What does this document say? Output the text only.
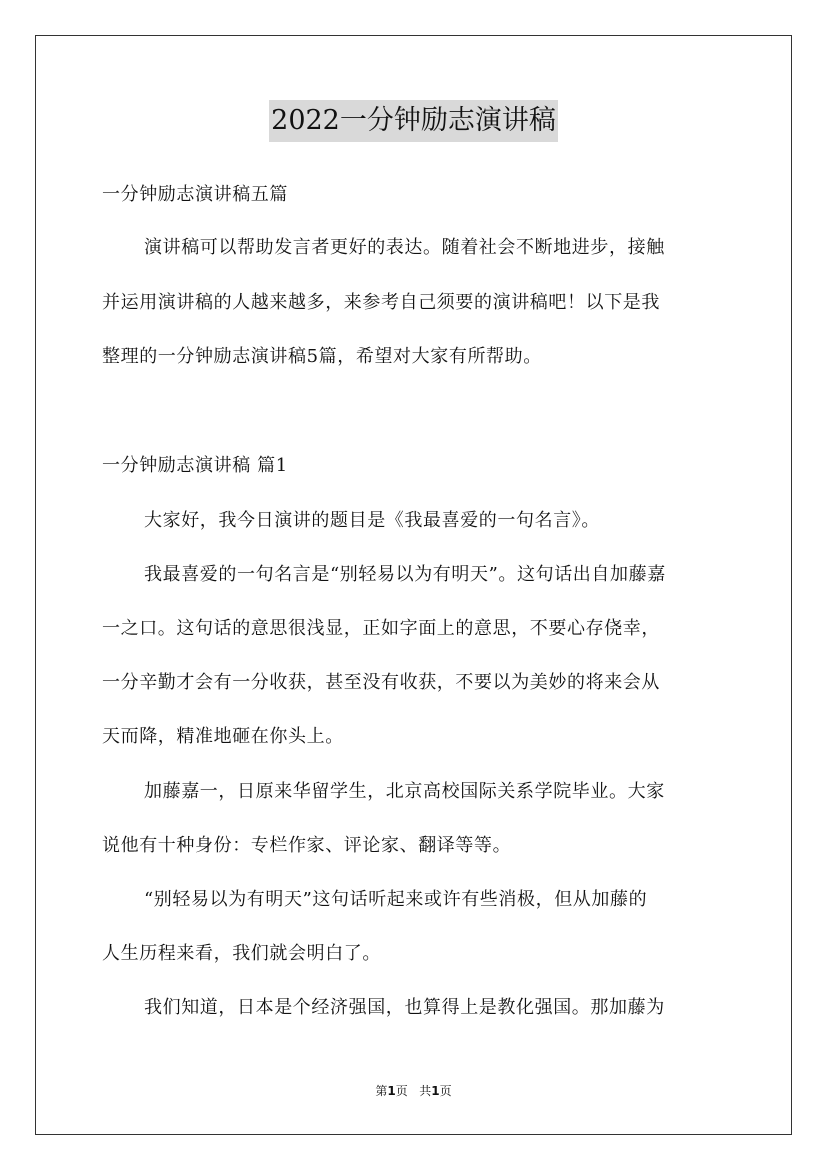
2022一分钟励志演讲稿
一分钟励志演讲稿五篇
演讲稿可以帮助发言者更好的表达。随着社会不断地进步，接触
并运用演讲稿的人越来越多，来参考自己须要的演讲稿吧！以下是我
整理的一分钟励志演讲稿5篇，希望对大家有所帮助。
一分钟励志演讲稿 篇1
大家好，我今日演讲的题目是《我最喜爱的一句名言》。
我最喜爱的一句名言是“别轻易以为有明天”。这句话出自加藤嘉
一之口。这句话的意思很浅显，正如字面上的意思，不要心存侥幸，
一分辛勤才会有一分收获，甚至没有收获，不要以为美妙的将来会从
天而降，精准地砸在你头上。
加藤嘉一，日原来华留学生，北京高校国际关系学院毕业。大家
说他有十种身份：专栏作家、评论家、翻译等等。
“别轻易以为有明天”这句话听起来或许有些消极，但从加藤的
人生历程来看，我们就会明白了。
我们知道，日本是个经济强国，也算得上是教化强国。那加藤为
第1页 共1页
